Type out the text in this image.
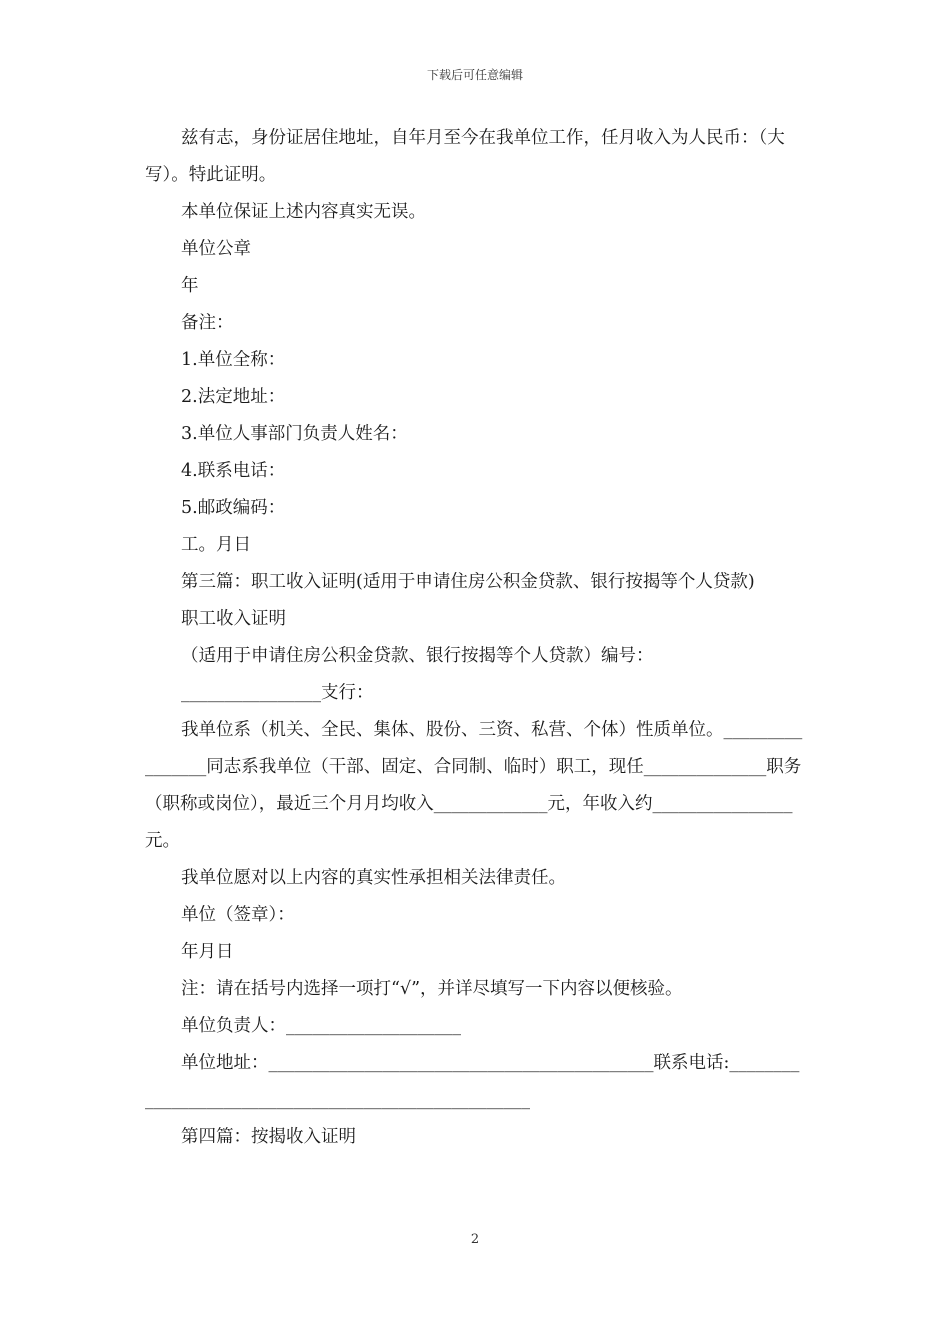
下载后可任意编辑

兹有志，身份证居住地址，自年月至今在我单位工作，任月收入为人民币：（大写）。特此证明。

本单位保证上述内容真实无误。

单位公章

年

备注：

1.单位全称：

2.法定地址：

3.单位人事部门负责人姓名：

4.联系电话：

5.邮政编码：

工。月日

第三篇：职工收入证明(适用于申请住房公积金贷款、银行按揭等个人贷款)

职工收入证明

（适用于申请住房公积金贷款、银行按揭等个人贷款）编号：

________________支行：

我单位系（机关、全民、集体、股份、三资、私营、个体）性质单位。________________同志系我单位（干部、固定、合同制、临时）职工，现任______________职务（职称或岗位），最近三个月月均收入_____________元，年收入约________________元。

我单位愿对以上内容的真实性承担相关法律责任。

单位（签章）：

年月日

注：请在括号内选择一项打“√”，并详尽填写一下内容以便核验。

单位负责人：____________________

单位地址：____________________________________________联系电话:____________________________________________________

第四篇：按揭收入证明

2
